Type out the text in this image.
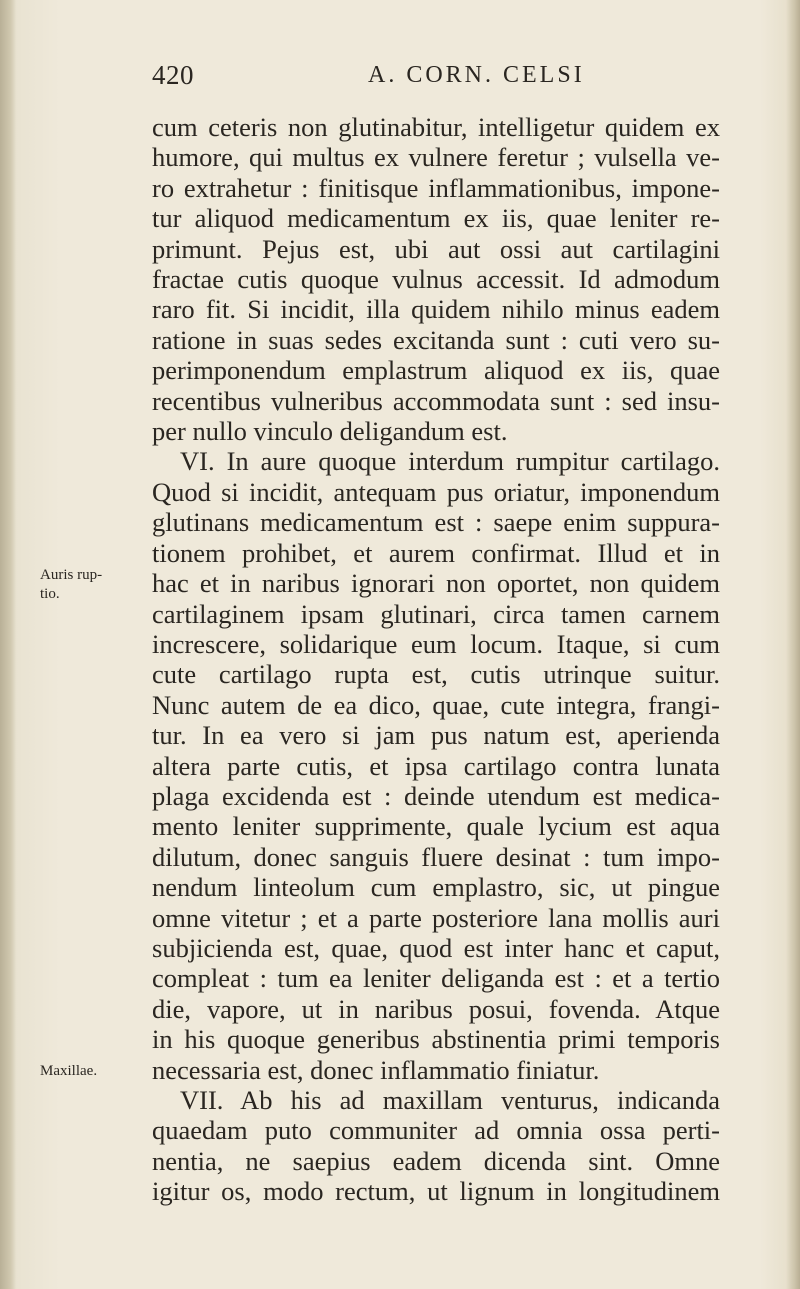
420	A. CORN. CELSI
Auris rup-
tio.
Maxillae.
cum ceteris non glutinabitur, intelligetur quidem ex
humore, qui multus ex vulnere feretur ; vulsella ve-
ro extrahetur : finitisque inflammationibus, impone-
tur aliquod medicamentum ex iis, quae leniter re-
primunt. Pejus est, ubi aut ossi aut cartilagini
fractae cutis quoque vulnus accessit. Id admodum
raro fit. Si incidit, illa quidem nihilo minus eadem
ratione in suas sedes excitanda sunt : cuti vero su-
perimponendum emplastrum aliquod ex iis, quae
recentibus vulneribus accommodata sunt : sed insu-
per nullo vinculo deligandum est.
VI. In aure quoque interdum rumpitur cartilago.
Quod si incidit, antequam pus oriatur, imponendum
glutinans medicamentum est : saepe enim suppura-
tionem prohibet, et aurem confirmat. Illud et in
hac et in naribus ignorari non oportet, non quidem
cartilaginem ipsam glutinari, circa tamen carnem
increscere, solidarique eum locum. Itaque, si cum
cute cartilago rupta est, cutis utrinque suitur.
Nunc autem de ea dico, quae, cute integra, frangi-
tur. In ea vero si jam pus natum est, aperienda
altera parte cutis, et ipsa cartilago contra lunata
plaga excidenda est : deinde utendum est medica-
mento leniter supprimente, quale lycium est aqua
dilutum, donec sanguis fluere desinat : tum impo-
nendum linteolum cum emplastro, sic, ut pingue
omne vitetur ; et a parte posteriore lana mollis auri
subjicienda est, quae, quod est inter hanc et caput,
compleat : tum ea leniter deliganda est : et a tertio
die, vapore, ut in naribus posui, fovenda. Atque
in his quoque generibus abstinentia primi temporis
necessaria est, donec inflammatio finiatur.
VII. Ab his ad maxillam venturus, indicanda
quaedam puto communiter ad omnia ossa perti-
nentia, ne saepius eadem dicenda sint. Omne
igitur os, modo rectum, ut lignum in longitudinem
